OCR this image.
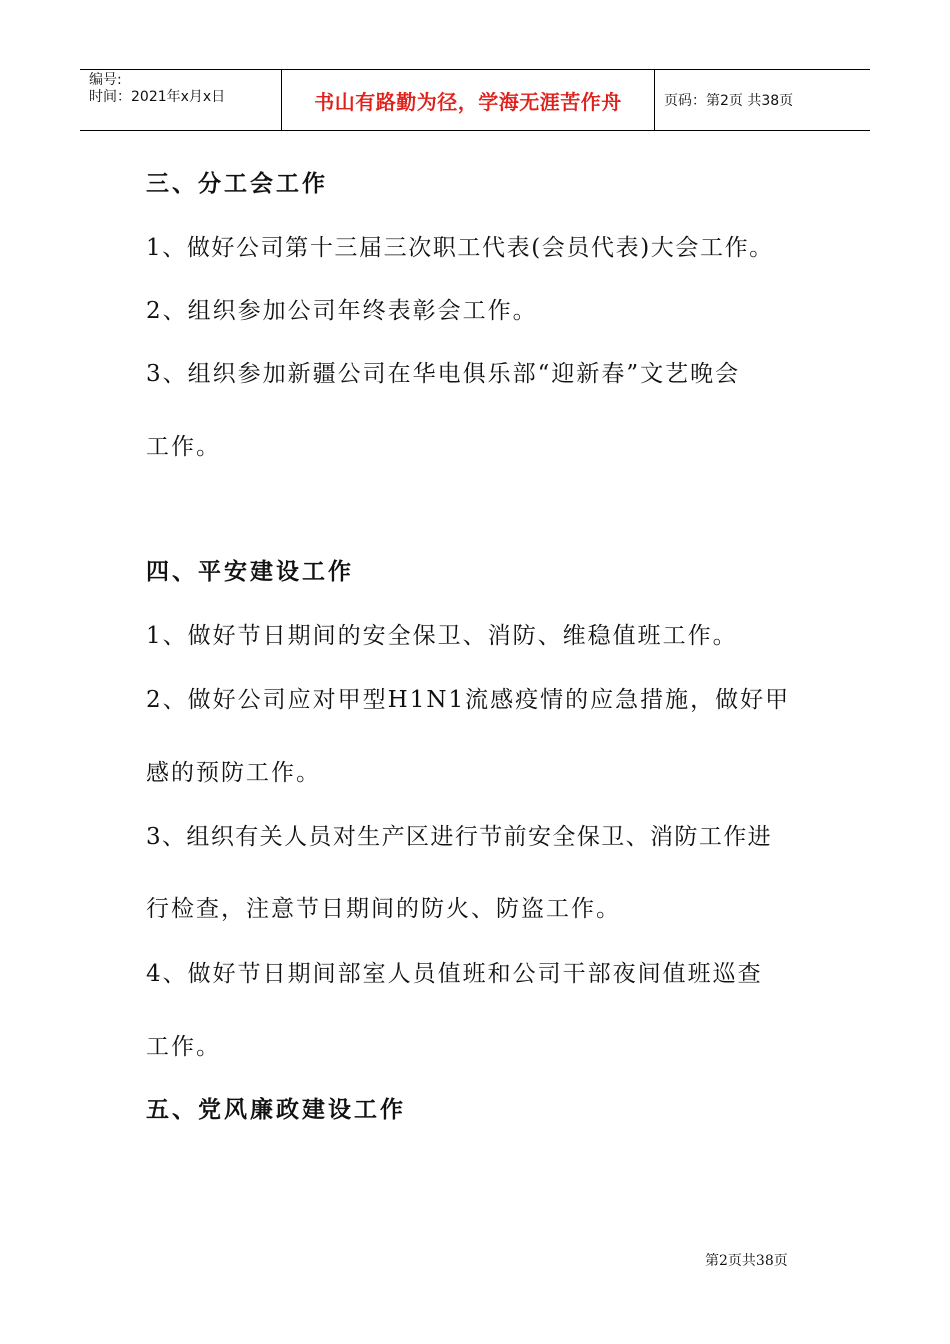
编号:
时间：2021年x月x日	书山有路勤为径，学海无涯苦作舟	页码：第2页 共38页
三、分工会工作
1、做好公司第十三届三次职工代表(会员代表)大会工作。
2、组织参加公司年终表彰会工作。
3、组织参加新疆公司在华电俱乐部“迎新春”文艺晚会
工作。
四、平安建设工作
1、做好节日期间的安全保卫、消防、维稳值班工作。
2、做好公司应对甲型H1N1流感疫情的应急措施，做好甲
感的预防工作。
3、组织有关人员对生产区进行节前安全保卫、消防工作进
行检查，注意节日期间的防火、防盗工作。
4、做好节日期间部室人员值班和公司干部夜间值班巡查
工作。
五、党风廉政建设工作
第2页共38页
